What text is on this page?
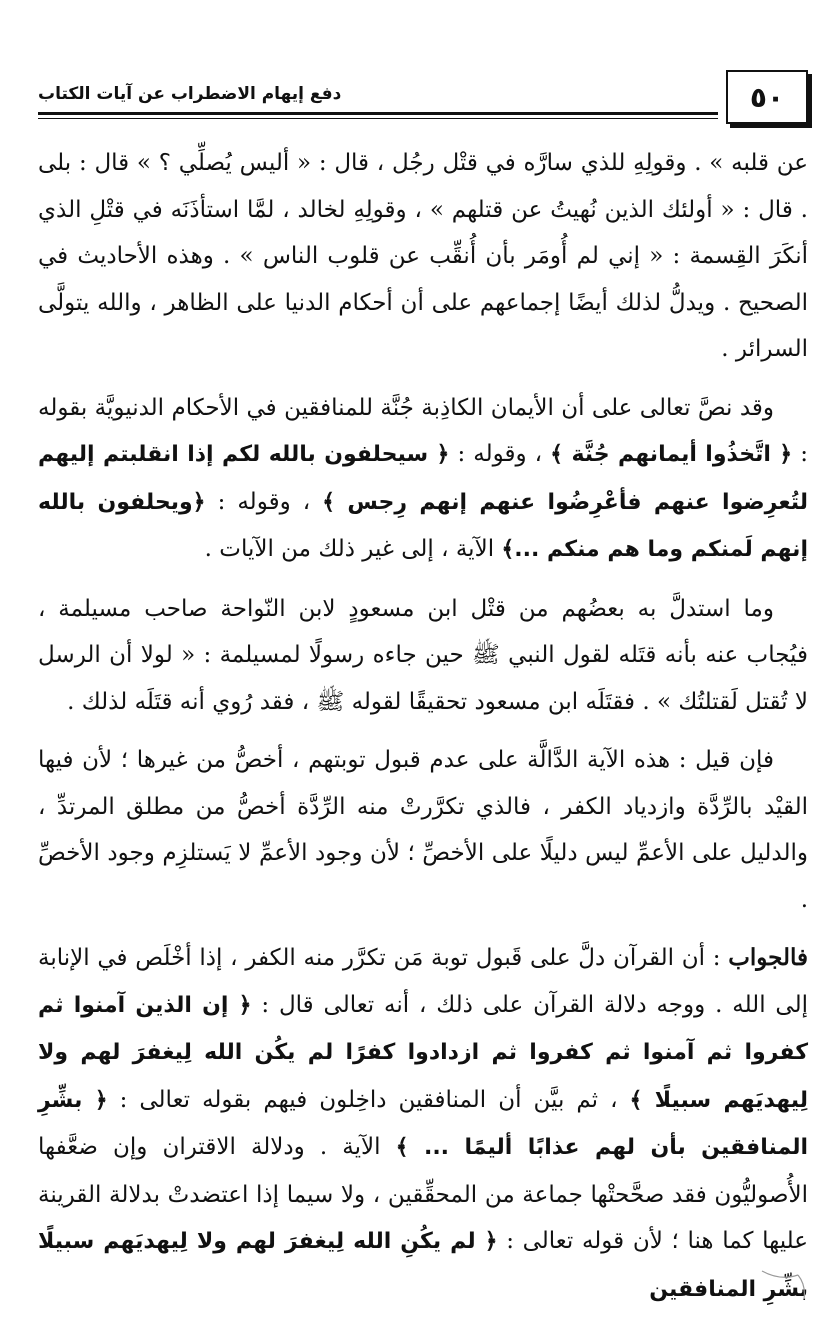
٥٠
دفع إيهام الاضطراب عن آيات الكتاب

عن قلبه » . وقولِهِ للذي سارَّه في قتْل رجُل ، قال : « أليس يُصلِّي ؟ » قال : بلى . قال : « أولئك الذين نُهيتُ عن قتلهم » ، وقولِهِ لخالد ، لمَّا استأذَنَه في قتْلِ الذي أنكَرَ القِسمة : « إني لم أُومَر بأن أُنقِّب عن قلوب الناس » . وهذه الأحاديث في الصحيح . ويدلُّ لذلك أيضًا إجماعهم على أن أحكام الدنيا على الظاهر ، والله يتولَّى السرائر .

وقد نصَّ تعالى على أن الأيمان الكاذِبة جُنَّة للمنافقين في الأحكام الدنيويَّة بقوله : ﴿ اتَّخذُوا أيمانهم جُنَّة ﴾ ، وقوله : ﴿ سيحلفون بالله لكم إذا انقلبتم إليهم لتُعرِضوا عنهم فأعْرِضُوا عنهم إنهم رِجس ﴾ ، وقوله : ﴿ويحلفون بالله إنهم لَمنكم وما هم منكم ...﴾ الآية ، إلى غير ذلك من الآيات .

وما استدلَّ به بعضُهم من قتْل ابن مسعودٍ لابن النّواحة صاحب مسيلمة ، فيُجاب عنه بأنه قتَله لقول النبي ﷺ حين جاءه رسولًا لمسيلمة : « لولا أن الرسل لا تُقتل لَقتلتُك » . فقتَلَه ابن مسعود تحقيقًا لقوله ﷺ ، فقد رُوي أنه قتَلَه لذلك .

فإن قيل : هذه الآية الدَّالَّة على عدم قبول توبتهم ، أخصُّ من غيرها ؛ لأن فيها القيْد بالرِّدَّة وازدياد الكفر ، فالذي تكرَّرتْ منه الرِّدَّة أخصُّ من مطلق المرتدِّ ، والدليل على الأعمِّ ليس دليلًا على الأخصِّ ؛ لأن وجود الأعمِّ لا يَستلزِم وجود الأخصِّ .

فالجواب : أن القرآن دلَّ على قَبول توبة مَن تكرَّر منه الكفر ، إذا أخْلَص في الإنابة إلى الله . ووجه دلالة القرآن على ذلك ، أنه تعالى قال : ﴿ إن الذين آمنوا ثم كفروا ثم آمنوا ثم كفروا ثم ازدادوا كفرًا لم يكُن الله لِيغفرَ لهم ولا لِيهديَهم سبيلًا ﴾ ، ثم بيَّن أن المنافقين داخِلون فيهم بقوله تعالى : ﴿ بشِّرِ المنافقين بأن لهم عذابًا أليمًا ... ﴾ الآية . ودلالة الاقتران وإن ضعَّفها الأُصوليُّون فقد صحَّحتْها جماعة من المحقِّقين ، ولا سيما إذا اعتضدتْ بدلالة القرينة عليها كما هنا ؛ لأن قوله تعالى : ﴿ لم يكُنِ الله لِيغفرَ لهم ولا لِيهديَهم سبيلًا بشِّرِ المنافقين
